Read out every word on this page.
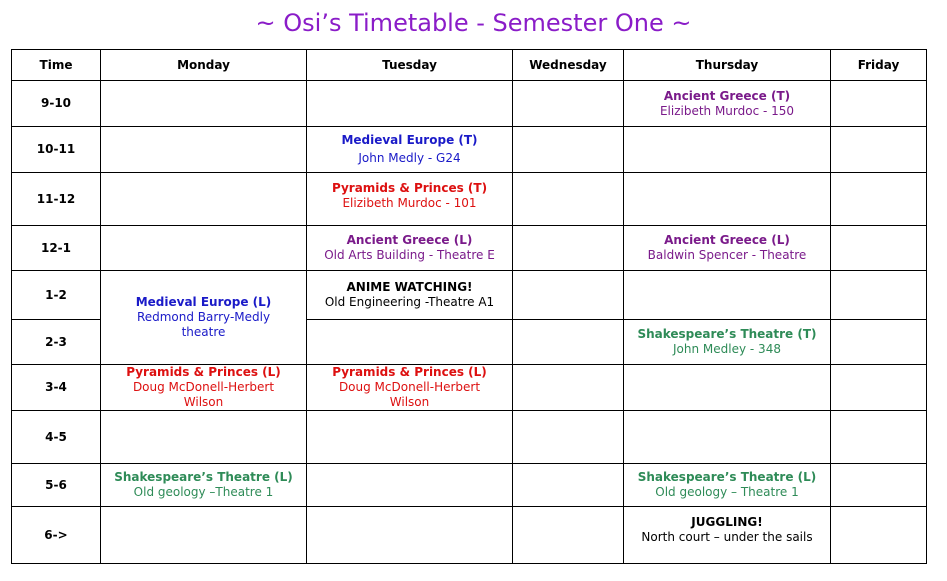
~ Osi’s Timetable - Semester One ~
Time	Monday	Tuesday	Wednesday	Thursday	Friday
9-10				Ancient Greece (T)
Elizibeth Murdoc - 150	

10-11		Medieval Europe (T)
John Medly - G24			

11-12		Pyramids & Princes (T)
Elizibeth Murdoc - 101			

12-1		Ancient Greece (L)
Old Arts Building - Theatre E		Ancient Greece (L)
Baldwin Spencer - Theatre	

1-2	Medieval Europe (L)
Redmond Barry-Medly theatre	ANIME WATCHING!
Old Engineering -Theatre A1			

2-3				Shakespeare’s Theatre (T)
John Medley - 348	

3-4	Pyramids & Princes (L)
Doug McDonell-Herbert Wilson	Pyramids & Princes (L)
Doug McDonell-Herbert Wilson			

4-5					
5-6	Shakespeare’s Theatre (L)
Old geology –Theatre 1			Shakespeare’s Theatre (L)
Old geology – Theatre 1	

6->				JUGGLING!
North court – under the sails	
